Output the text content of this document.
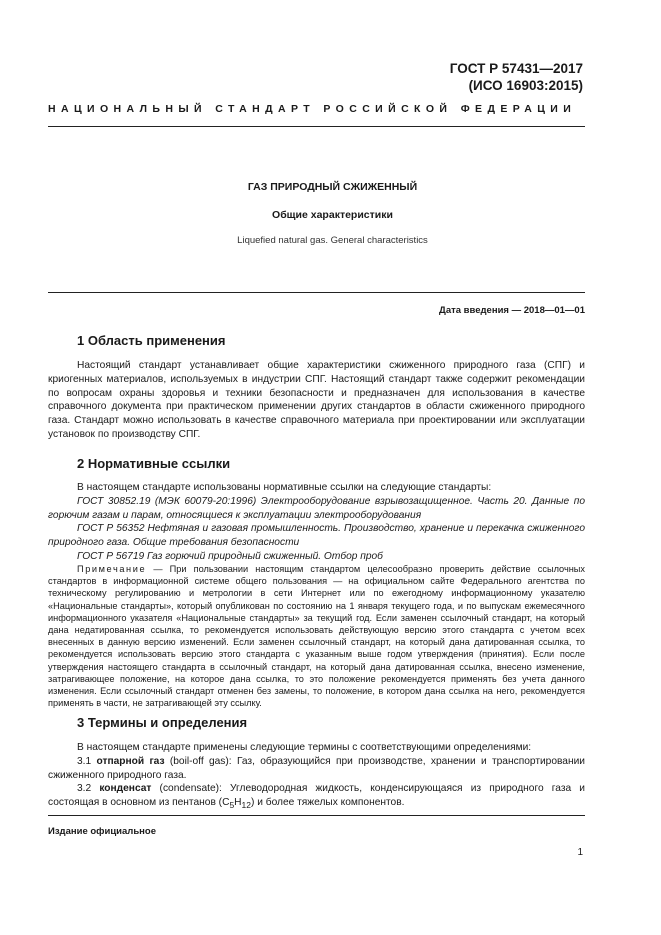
ГОСТ Р 57431—2017
(ИСО 16903:2015)
НАЦИОНАЛЬНЫЙ СТАНДАРТ РОССИЙСКОЙ ФЕДЕРАЦИИ
ГАЗ ПРИРОДНЫЙ СЖИЖЕННЫЙ
Общие характеристики
Liquefied natural gas. General characteristics
Дата введения — 2018—01—01
1 Область применения

Настоящий стандарт устанавливает общие характеристики сжиженного природного газа (СПГ) и криогенных материалов, используемых в индустрии СПГ. Настоящий стандарт также содержит рекомендации по вопросам охраны здоровья и техники безопасности и предназначен для использования в качестве справочного документа при практическом применении других стандартов в области сжиженного природного газа. Стандарт можно использовать в качестве справочного материала при проектировании или эксплуатации установок по производству СПГ.

2 Нормативные ссылки

В настоящем стандарте использованы нормативные ссылки на следующие стандарты:

ГОСТ 30852.19 (МЭК 60079-20:1996) Электрооборудование взрывозащищенное. Часть 20. Данные по горючим газам и парам, относящиеся к эксплуатации электрооборудования

ГОСТ Р 56352 Нефтяная и газовая промышленность. Производство, хранение и перекачка сжиженного природного газа. Общие требования безопасности

ГОСТ Р 56719 Газ горючий природный сжиженный. Отбор проб

Примечание — При пользовании настоящим стандартом целесообразно проверить действие ссылочных стандартов в информационной системе общего пользования — на официальном сайте Федерального агентства по техническому регулированию и метрологии в сети Интернет или по ежегодному информационному указателю «Национальные стандарты», который опубликован по состоянию на 1 января текущего года, и по выпускам ежемесячного информационного указателя «Национальные стандарты» за текущий год. Если заменен ссылочный стандарт, на который дана недатированная ссылка, то рекомендуется использовать действующую версию этого стандарта с учетом всех внесенных в данную версию изменений. Если заменен ссылочный стандарт, на который дана датированная ссылка, то рекомендуется использовать версию этого стандарта с указанным выше годом утверждения (принятия). Если после утверждения настоящего стандарта в ссылочный стандарт, на который дана датированная ссылка, внесено изменение, затрагивающее положение, на которое дана ссылка, то это положение рекомендуется применять без учета данного изменения. Если ссылочный стандарт отменен без замены, то положение, в котором дана ссылка на него, рекомендуется применять в части, не затрагивающей эту ссылку.

3 Термины и определения

В настоящем стандарте применены следующие термины с соответствующими определениями:

3.1 отпарной газ (boil-off gas): Газ, образующийся при производстве, хранении и транспортировании сжиженного природного газа.

3.2 конденсат (condensate): Углеводородная жидкость, конденсирующаяся из природного газа и состоящая в основном из пентанов $(C_5H_{12})$ и более тяжелых компонентов.

Издание официальное
1
